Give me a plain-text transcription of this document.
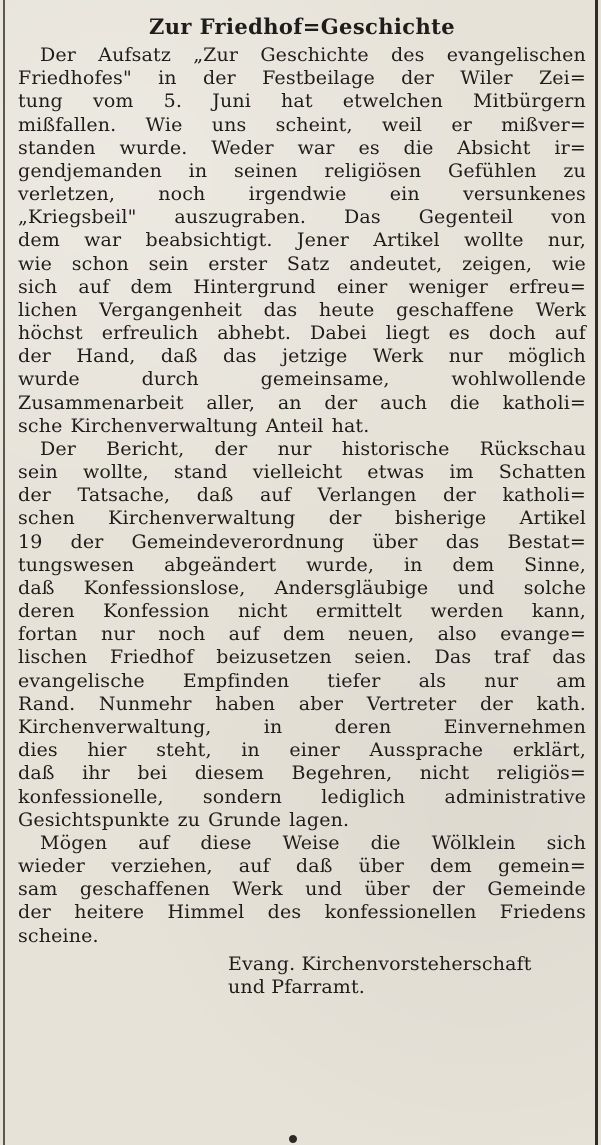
Zur Friedhof=Geschichte
Der Aufsatz „Zur Geschichte des evangelischen
Friedhofes" in der Festbeilage der Wiler Zei=
tung vom 5. Juni hat etwelchen Mitbürgern
mißfallen. Wie uns scheint, weil er mißver=
standen wurde. Weder war es die Absicht ir=
gendjemanden in seinen religiösen Gefühlen zu
verletzen, noch irgendwie ein versunkenes
„Kriegsbeil" auszugraben. Das Gegenteil von
dem war beabsichtigt. Jener Artikel wollte nur,
wie schon sein erster Satz andeutet, zeigen, wie
sich auf dem Hintergrund einer weniger erfreu=
lichen Vergangenheit das heute geschaffene Werk
höchst erfreulich abhebt. Dabei liegt es doch auf
der Hand, daß das jetzige Werk nur möglich
wurde	durch	gemeinsame,	wohlwollende
Zusammenarbeit aller, an der auch die katholi=
sche Kirchenverwaltung Anteil hat.
Der Bericht, der nur historische Rückschau
sein wollte, stand vielleicht etwas im Schatten
der Tatsache, daß auf Verlangen der katholi=
schen Kirchenverwaltung der bisherige Artikel
19 der Gemeindeverordnung über das Bestat=
tungswesen abgeändert wurde, in dem Sinne,
daß Konfessionslose, Andersgläubige und solche
deren Konfession nicht ermittelt werden kann,
fortan nur noch auf dem neuen, also evange=
lischen Friedhof beizusetzen seien. Das traf das
evangelische Empfinden tiefer als nur am
Rand. Nunmehr haben aber Vertreter der kath.
Kirchenverwaltung,	in	deren	Einvernehmen
dies hier steht, in einer Aussprache erklärt,
daß ihr bei diesem Begehren, nicht religiös=
konfessionelle, sondern lediglich administrative
Gesichtspunkte zu Grunde lagen.
Mögen auf diese Weise die Wölklein sich
wieder verziehen, auf daß über dem gemein=
sam geschaffenen Werk und über der Gemeinde
der heitere Himmel des konfessionellen Friedens
scheine.
Evang. Kirchenvorsteherschaft
und Pfarramt.
